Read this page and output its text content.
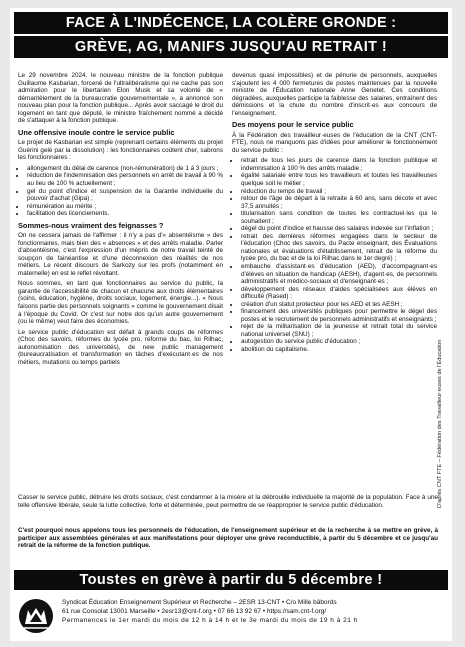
FACE À L'INDÉCENCE, LA COLÈRE GRONDE :
GRÈVE, AG, MANIFS JUSQU'AU RETRAIT !

Le 29 novembre 2024, le nouveau ministre de la fonction publique Guillaume Kasbarian, forcené de l'ultralibéralisme qui ne cache pas son admiration pour le libertarien Elon Musk et sa volonté de « démantèlement de la bureaucratie gouvernementale », a annoncé son nouveau plan pour la fonction publique... Après avoir saccagé le droit du logement en tant que député, le ministre fraîchement nommé a décidé de s'attaquer à la fonction publique.

Une offensive inouïe contre le service public

Le projet de Kasbarian est simple (reprenant certains éléments du projet Guérini gelé par la dissolution) : les fonctionnaires coûtent cher, sabrons les fonctionnaires :

• allongement du délai de carence (non-rémunération) de 1 à 3 jours ;
• réduction de l'indemnisation des personnels en arrêt de travail à 90 % au lieu de 100 % actuellement ;
• gel du point d'indice et suspension de la Garantie individuelle du pouvoir d'achat (Gipa) ;
• rémunération au mérite ;
• facilitation des licenciements.
Sommes-nous vraiment des feignasses ?

On ne cessera jamais de l'affirmer : il n'y a pas d'« absentéisme » des fonctionnaires, mais bien des « absences » et des arrêts maladie. Parler d'absentéisme, c'est l'expression d'un mépris de notre travail teinté de soupçon de fainéantise et d'une déconnexion des réalités de nos métiers. Le récent discours de Sarkozy sur les profs (notamment en maternelle) en est le reflet révoltant.

Nous sommes, en tant que fonctionnaires au service du public, la garantie de l'accessibilité de chacun et chacune aux droits élémentaires (soins, éducation, hygiène, droits sociaux, logement, énergie...). « Nous faisons partie des personnels soignants » comme le gouvernement disait à l'époque du Covid. Or c'est sur notre dos qu'un autre gouvernement (ou le même) veut faire des économies.

Le service public d'éducation est défait à grands coups de réformes (Choc des savoirs, réformes du lycée pro, réforme du bac, loi Rilhac, autonomisation des universités), de new public management (bureaucratisation et transformation en tâches d'exécutant·es de nos métiers, mutations ou temps partiels

devenus quasi impossibles) et de pénurie de personnels, auxquelles s'ajoutent les 4 000 fermetures de postes maintenues par la nouvelle ministre de l'Éducation nationale Anne Genetet. Ces conditions dégradées, auxquelles participe la faiblesse des salaires, entraînent des démissions et la chute du nombre d'inscrit·es aux concours de l'enseignement.

Des moyens pour le service public

À la Fédération des travailleur·euses de l'éducation de la CNT (CNT-FTE), nous ne manquons pas d'idées pour améliorer le fonctionnement du service public :

• retrait de tous les jours de carence dans la fonction publique et indemnisation à 100 % des arrêts maladie ;
• égalité salariale entre tous les travailleurs et toutes les travailleuses quelque soit le métier ;
• réduction du temps de travail ;
• retour de l'âge de départ à la retraite à 60 ans, sans décote et avec 37,5 annuités ;
• titularisation sans condition de toutes les contractuel·les qui le souhaitent ;
• dégel du point d'indice et hausse des salaires indexée sur l'inflation ;
• retrait des dernières réformes engagées dans le secteur de l'éducation (Choc des savoirs, du Pacte enseignant, des Évaluations nationales et évaluations d'établissement, retrait de la réforme du lycée pro, du bac et de la loi Rilhac dans le 1er degré) ;
• embauche d'assistant·es d'éducation (AED), d'accompagnant·es d'élèves en situation de handicap (AESH), d'agent·es, de personnels administratifs et médico-sociaux et d'enseignant·es ;
• développement des réseaux d'aides spécialisées aux élèves en difficulté (Rased) ;
• création d'un statut protecteur pour les AED et les AESH ;
• financement des universités publiques pour permettre le dégel des postes et le recrutement de personnels administratifs et enseignants ;
• rejet de la militarisation de la jeunesse et retrait total du service national universel (SNU) ;
• autogestion du service public d'éducation ;
• abolition du capitalisme.	D'après CNT FTE – Fédération des Travailleur·euses de l'Éducation
Casser le service public, détruire les droits sociaux, c'est condamner à la misère et la débrouille individuelle la majorité de la population. Face à une telle offensive libérale, seule la lutte collective, forte et déterminée, peut permettre de se réapproprier le service public d'éducation.
C'est pourquoi nous appelons tous les personnels de l'éducation, de l'enseignement supérieur et de la recherche à se mettre en grève, à participer aux assemblées générales et aux manifestations pour déployer une grève reconductible, à partir du 5 décembre et ce jusqu'au retrait de la réforme de la fonction publique.
Toustes en grève à partir du 5 décembre !
Syndicat Éducation Enseignement Supérieur et Recherche – 2ESR 13-CNT • C/o Mille bâbords
61 rue Consolat 13001 Marseille • 2esr13@cnt-f.org • 07 66 13 92 67 • https://sam.cnt-f.org/
Permanences le 1er mardi du mois de 12 h à 14 h et le 3e mardi du mois de 19 h à 21 h
